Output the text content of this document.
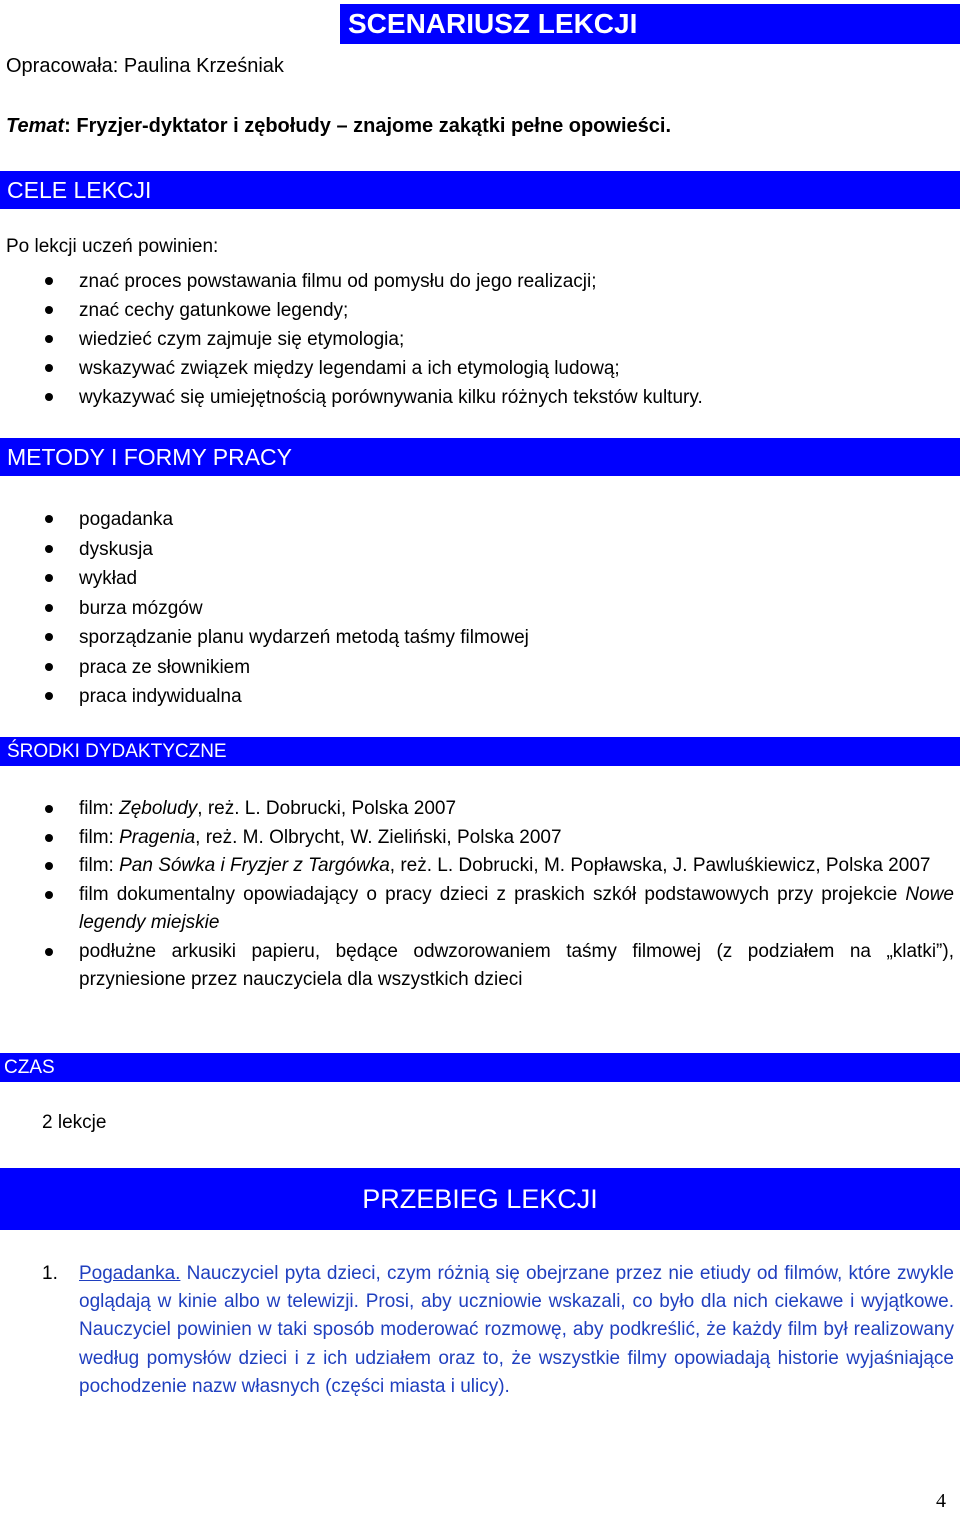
SCENARIUSZ LEKCJI
Opracowała: Paulina Krześniak
Temat: Fryzjer-dyktator i zębołudy – znajome zakątki pełne opowieści.
CELE LEKCJI
Po lekcji uczeń powinien:
znać proces powstawania filmu od pomysłu do jego realizacji;
znać cechy gatunkowe legendy;
wiedzieć czym zajmuje się etymologia;
wskazywać związek między legendami a ich etymologią ludową;
wykazywać się umiejętnością porównywania kilku różnych tekstów kultury.
METODY I FORMY PRACY
pogadanka
dyskusja
wykład
burza mózgów
sporządzanie planu wydarzeń metodą taśmy filmowej
praca ze słownikiem
praca indywidualna
ŚRODKI DYDAKTYCZNE
film: Zęboludy, reż. L. Dobrucki, Polska 2007
film: Pragenia, reż. M. Olbrycht, W. Zieliński, Polska 2007
film: Pan Sówka i Fryzjer z Targówka, reż. L. Dobrucki, M. Popławska, J. Pawluśkiewicz, Polska 2007

film dokumentalny opowiadający o pracy dzieci z praskich szkół podstawowych przy projekcie Nowe legendy miejskie

podłużne arkusiki papieru, będące odwzorowaniem taśmy filmowej (z podziałem na „klatki”), przyniesione przez nauczyciela dla wszystkich dzieci

CZAS
2 lekcje
PRZEBIEG LEKCJI
1. Pogadanka. Nauczyciel pyta dzieci, czym różnią się obejrzane przez nie etiudy od filmów, które zwykle oglądają w kinie albo w telewizji. Prosi, aby uczniowie wskazali, co było dla nich ciekawe i wyjątkowe. Nauczyciel powinien w taki sposób moderować rozmowę, aby podkreślić, że każdy film był realizowany według pomysłów dzieci i z ich udziałem oraz to, że wszystkie filmy opowiadają historie wyjaśniające pochodzenie nazw własnych (części miasta i ulicy).

4
